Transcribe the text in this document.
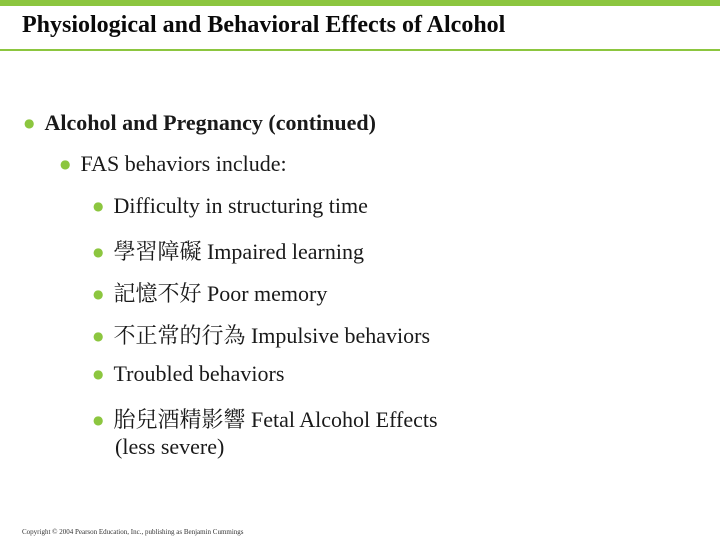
Physiological and Behavioral Effects of Alcohol
● Alcohol and Pregnancy (continued)
● FAS behaviors include:
● Difficulty in structuring time
● 學習障礙 Impaired learning
● 記憶不好 Poor memory
● 不正常的行為 Impulsive behaviors
● Troubled behaviors
● 胎兒酒精影響 Fetal Alcohol Effects
(less severe)
Copyright © 2004 Pearson Education, Inc., publishing as Benjamin Cummings
